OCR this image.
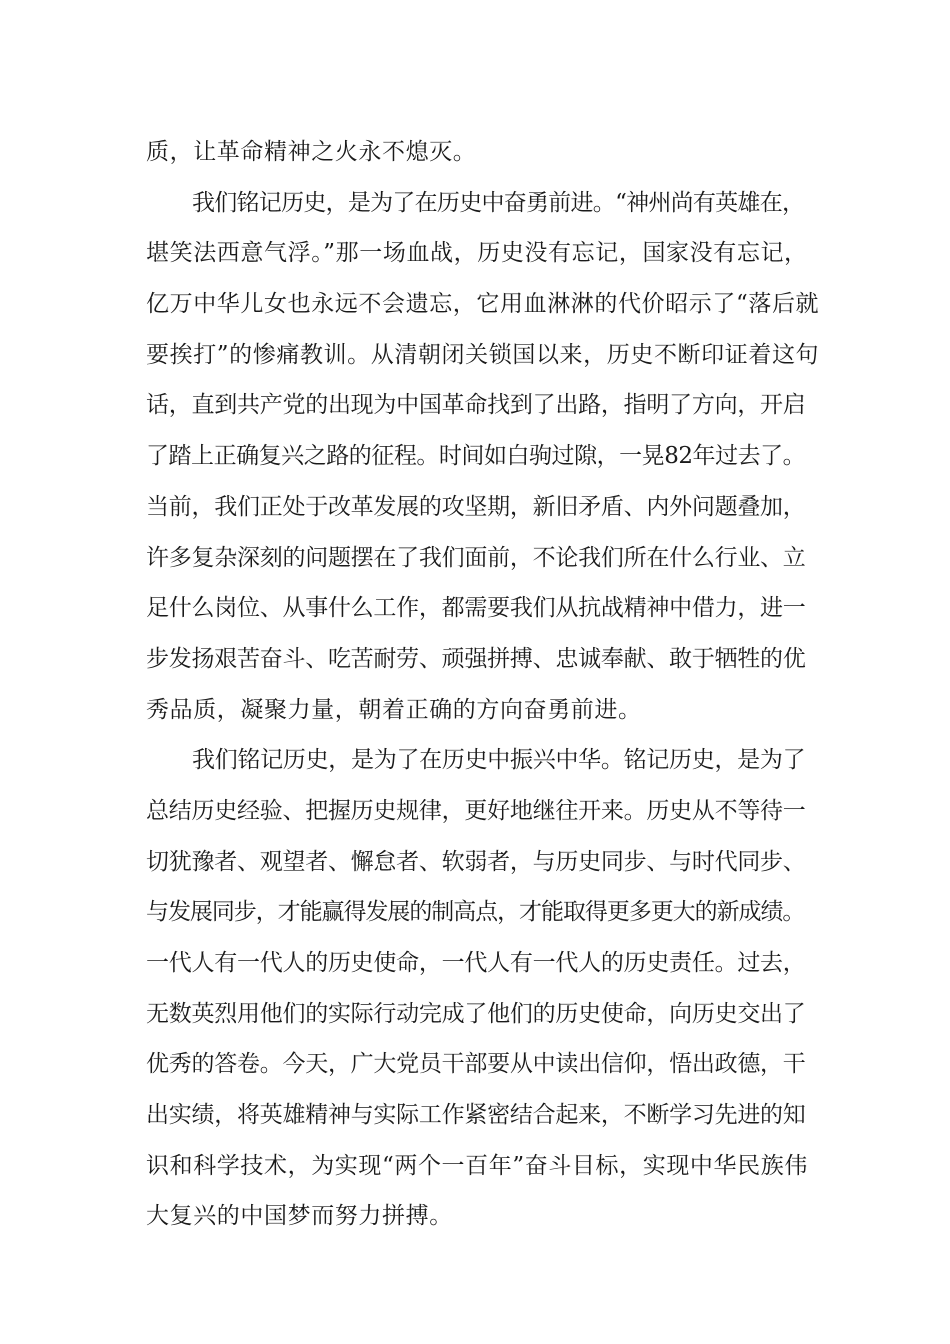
质，让革命精神之火永不熄灭。
我们铭记历史，是为了在历史中奋勇前进。“神州尚有英雄在，
堪笑法西意气浮。”那一场血战，历史没有忘记，国家没有忘记，
亿万中华儿女也永远不会遗忘，它用血淋淋的代价昭示了“落后就
要挨打”的惨痛教训。从清朝闭关锁国以来，历史不断印证着这句
话，直到共产党的出现为中国革命找到了出路，指明了方向，开启
了踏上正确复兴之路的征程。时间如白驹过隙，一晃82年过去了。
当前，我们正处于改革发展的攻坚期，新旧矛盾、内外问题叠加，
许多复杂深刻的问题摆在了我们面前，不论我们所在什么行业、立
足什么岗位、从事什么工作，都需要我们从抗战精神中借力，进一
步发扬艰苦奋斗、吃苦耐劳、顽强拼搏、忠诚奉献、敢于牺牲的优
秀品质，凝聚力量，朝着正确的方向奋勇前进。
我们铭记历史，是为了在历史中振兴中华。铭记历史，是为了
总结历史经验、把握历史规律，更好地继往开来。历史从不等待一
切犹豫者、观望者、懈怠者、软弱者，与历史同步、与时代同步、
与发展同步，才能赢得发展的制高点，才能取得更多更大的新成绩。
一代人有一代人的历史使命，一代人有一代人的历史责任。过去，
无数英烈用他们的实际行动完成了他们的历史使命，向历史交出了
优秀的答卷。今天，广大党员干部要从中读出信仰，悟出政德，干
出实绩，将英雄精神与实际工作紧密结合起来，不断学习先进的知
识和科学技术，为实现“两个一百年”奋斗目标，实现中华民族伟
大复兴的中国梦而努力拼搏。
